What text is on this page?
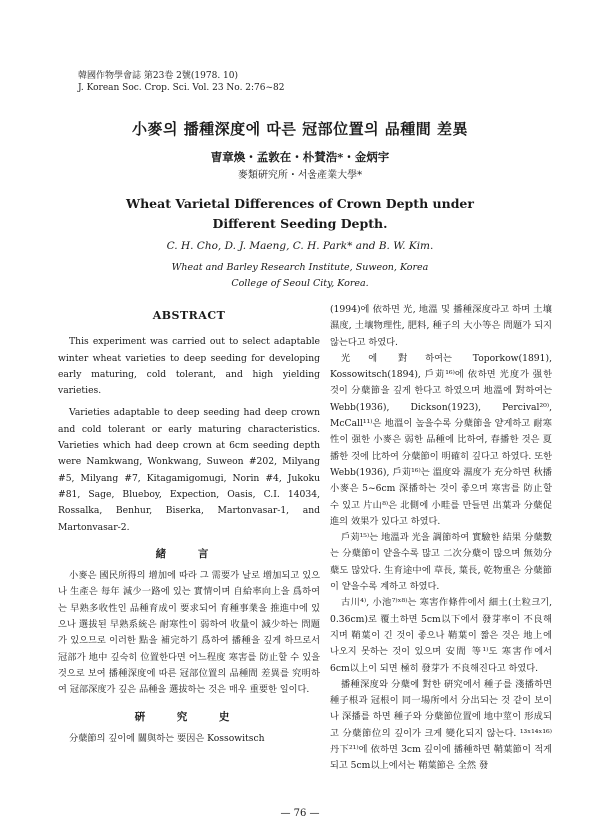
韓國作物學會誌 第23卷 2號(1978. 10)
J. Korean Soc. Crop. Sci. Vol. 23 No. 2:76~82
小麥의 播種深度에 따른 冠部位置의 品種間 差異
曺章煥・孟敦在・朴賛浩*・金炳宇
麥類硏究所・서울產業大學*
Wheat Varietal Differences of Crown Depth under
Different Seeding Depth.
C. H. Cho, D. J. Maeng, C. H. Park* and B. W. Kim.
Wheat and Barley Research Institute, Suweon, Korea
College of Seoul City, Korea.

ABSTRACT

This experiment was carried out to select adaptable winter wheat varieties to deep seeding for developing early maturing, cold tolerant, and high yielding varieties.

Varieties adaptable to deep seeding had deep crown and cold tolerant or early maturing characteristics. Varieties which had deep crown at 6cm seeding depth were Namkwang, Wonkwang, Suweon #202, Milyang #5, Milyang #7, Kitagamigomugi, Norin #4, Jukoku #81, Sage, Blueboy, Expection, Oasis, C.I. 14034, Rossalka, Benhur, Biserka, Martonvasar-1, and Martonvasar-2.

緒 言

小麥은 國民所得의 增加에 따라 그 需要가 날로 增加되고 있으나 生產은 每年 減少一路에 있는 實情이며 自給率向上을 爲하여는 早熟多收性인 品種育成이 要求되어 育種事業을 推進中에 있으나 選拔된 早熟系統은 耐寒性이 弱하여 收量이 減少하는 問題가 있으므로 이러한 點을 補完하기 爲하여 播種을 깊게 하므로서 冠部가 地中 깊숙히 位置한다면 어느程度 寒害를 防止할 수 있을 것으로 보여 播種深度에 따른 冠部位置의 品種間 差異를 究明하여 冠部深度가 깊은 品種을 選拔하는 것은 매우 重要한 일이다.

硏 究 史

分蘖節의 깊이에 關與하는 要因은 Kossowitsch

(1994)에 依하면 光, 地溫 및 播種深度라고 하며 土壤濕度, 土壤物理性, 肥料, 種子의 大小等은 問題가 되지 않는다고 하였다.

光에 對하여는 Toporkow(1891), Kossowitsch(1894), 戶苅¹⁶⁾에 依하면 光度가 强한 것이 分蘖節을 깊게 한다고 하였으며 地溫에 對하여는 Webb(1936), Dickson(1923), Percival²⁰⁾, McCall¹¹⁾은 地溫이 높을수록 分蘖節을 얕게하고 耐寒性이 强한 小麥은 弱한 品種에 比하여, 春播한 것은 夏播한 것에 比하여 分蘖節이 明確히 깊다고 하였다. 또한 Webb(1936), 戶苅¹⁶⁾는 溫度와 濕度가 充分하면 秋播小麥은 5~6cm 深播하는 것이 좋으며 寒害를 防止할 수 있고 片山⁸⁾은 北側에 小畦를 만들면 出葉과 分蘖促進의 效果가 있다고 하였다.

戶苅¹⁵⁾는 地溫과 光을 調節하여 實驗한 結果 分蘖數는 分蘖節이 얕을수록 많고 二次分蘖이 많으며 無効分蘖도 많았다. 生育途中에 草長, 葉長, 乾物重은 分蘖節이 얕을수록 계하고 하였다.

古川⁴⁾, 小池⁷⁾ˣ⁸⁾는 寒害作條件에서 細土(土粒크기, 0.36cm)로 覆土하면 5cm以下에서 發芽率이 不良해지며 鞘葉이 긴 것이 좋으나 鞘葉이 짧은 것은 地上에 나오지 못하는 것이 있으며 安間 等¹⁾도 寒害作에서 6cm以上이 되면 極히 發芽가 不良해진다고 하였다.

播種深度와 分蘖에 對한 硏究에서 種子를 淺播하면 種子根과 冠根이 同一場所에서 分出되는 것 같이 보이나 深播를 하면 種子와 分蘖節位置에 地中莖이 形成되고 分蘖節位의 깊이가 크게 變化되지 않는다. ¹³ˣ¹⁴ˣ¹⁶⁾ 丹下²¹⁾에 依하면 3cm 깊이에 播種하면 鞘葉節이 적게 되고 5cm以上에서는 鞘葉節은 全然 發

— 76 —
